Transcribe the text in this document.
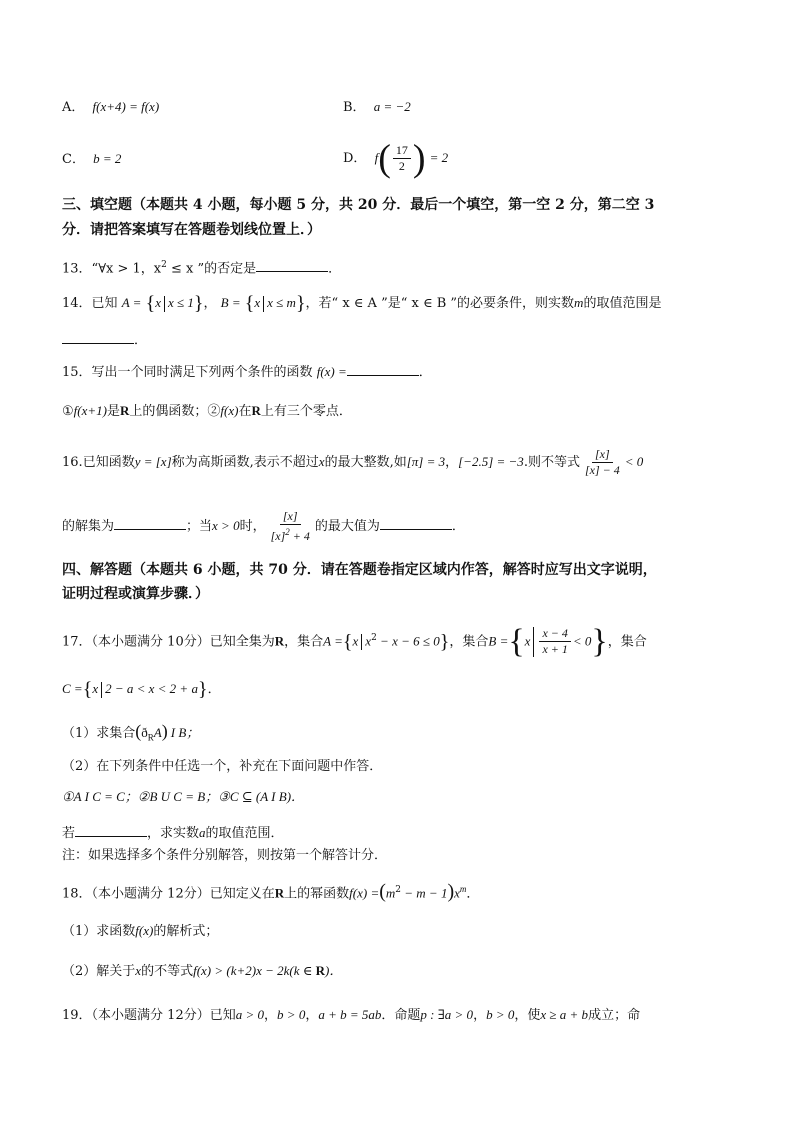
A． f(x+4) = f(x)	B． a = −2
C． b = 2	D． $f( \frac{17}{2}$ ) = 2
三、填空题（本题共 4 小题，每小题 5 分，共 20 分．最后一个填空，第一空 2 分，第二空 3
分．请把答案填写在答题卷划线位置上．）
13．“∀x > 1，$x^2 \le x$ ”的否定是	．
14．已知 A = {x x ≤ 1}， B = {x x ≤ m}，若“ x ∈ A ”是“ x ∈ B ”的必要条件，则实数m的取值范围是
．
15．写出一个同时满足下列两个条件的函数 f(x) =	．
①f(x+1)是R上的偶函数；②f(x)在R上有三个零点．
16.已知函数y = [x]称为高斯函数,表示不超过x的最大整数,如[π] = 3，[−2.5] = −3.则不等式 $\frac{[x]}{[x] - 4} < 0$
的解集为	；当x > 0时， $\frac{[x]}{[x]^2 + 4}$ 的最大值为	．
四、解答题（本题共 6 小题，共 70 分．请在答题卷指定区域内作答，解答时应写出文字说明，
证明过程或演算步骤．）
17．（本小题满分 10分）已知全集为R，集合A ={x $x^2 - x - 6 \le 0$}，集合$B =\{x \frac{x - 4}{x + 1} < 0\}$，集合
C ={x 2 − a < x < 2 + a}．
（1）求集合$(ð_RA)$ I B；
（2）在下列条件中任选一个，补充在下面问题中作答．
①A I C = C；②B U C = B；③C ⊆ (A I B)．
若	，求实数a的取值范围．
注：如果选择多个条件分别解答，则按第一个解答计分．
18．（本小题满分 12分）已知定义在R上的幂函数$f(x) =(m^2 - m - 1)x^m$．
（1）求函数f(x)的解析式；
（2）解关于x的不等式f(x) > (k+2)x − 2k(k ∈ R)．
19．（本小题满分 12分）已知a > 0，b > 0，a + b = 5ab．命题p : ∃a > 0，b > 0，使x ≥ a + b成立；命
